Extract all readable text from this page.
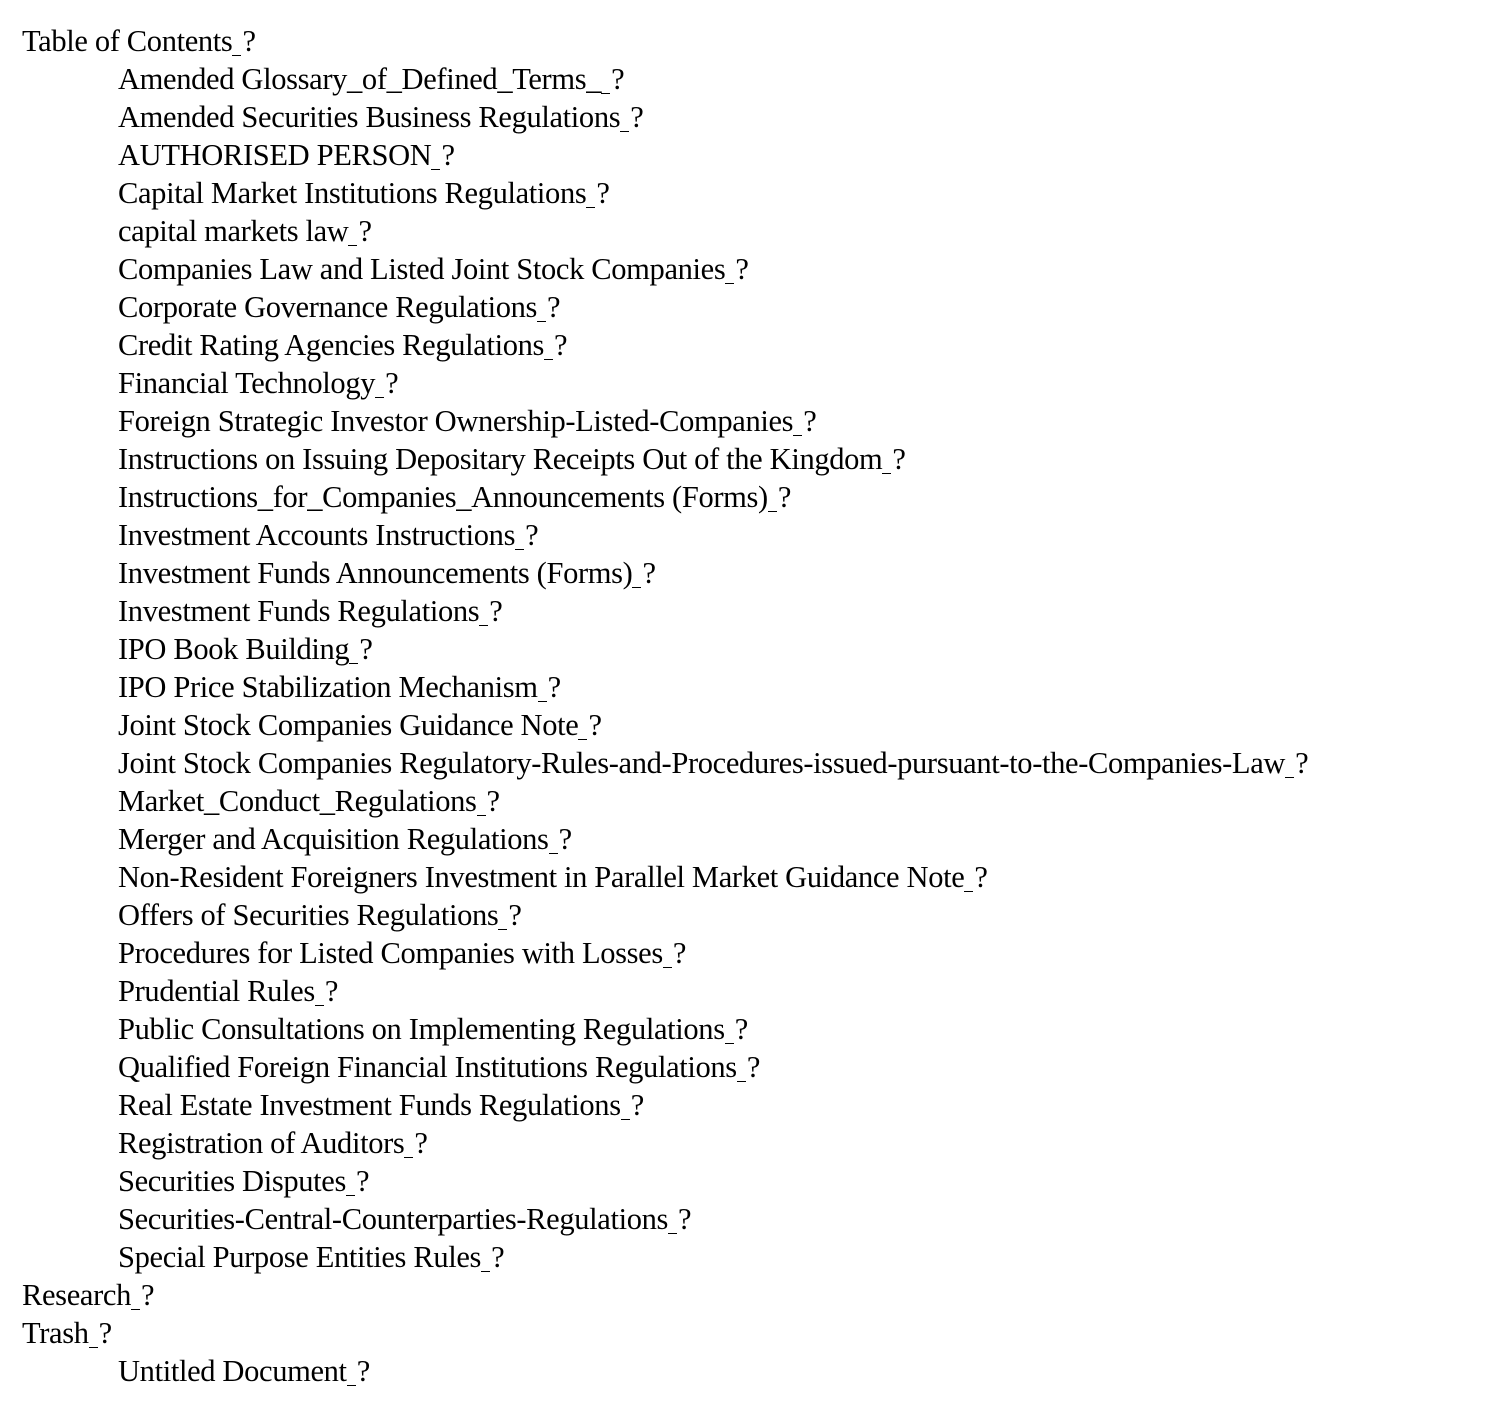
Table of Contents ?
Amended Glossary_of_Defined_Terms_ ?
Amended Securities Business Regulations ?
AUTHORISED PERSON ?
Capital Market Institutions Regulations ?
capital markets law ?
Companies Law and Listed Joint Stock Companies ?
Corporate Governance Regulations ?
Credit Rating Agencies Regulations ?
Financial Technology ?
Foreign Strategic Investor Ownership-Listed-Companies ?
Instructions on Issuing Depositary Receipts Out of the Kingdom ?
Instructions_for_Companies_Announcements (Forms) ?
Investment Accounts Instructions ?
Investment Funds Announcements (Forms) ?
Investment Funds Regulations ?
IPO Book Building ?
IPO Price Stabilization Mechanism ?
Joint Stock Companies Guidance Note ?
Joint Stock Companies Regulatory-Rules-and-Procedures-issued-pursuant-to-the-Companies-Law ?
Market_Conduct_Regulations ?
Merger and Acquisition Regulations ?
Non-Resident Foreigners Investment in Parallel Market Guidance Note ?
Offers of Securities Regulations ?
Procedures for Listed Companies with Losses ?
Prudential Rules ?
Public Consultations on Implementing Regulations ?
Qualified Foreign Financial Institutions Regulations ?
Real Estate Investment Funds Regulations ?
Registration of Auditors ?
Securities Disputes ?
Securities-Central-Counterparties-Regulations ?
Special Purpose Entities Rules ?
Research ?
Trash ?
Untitled Document ?
